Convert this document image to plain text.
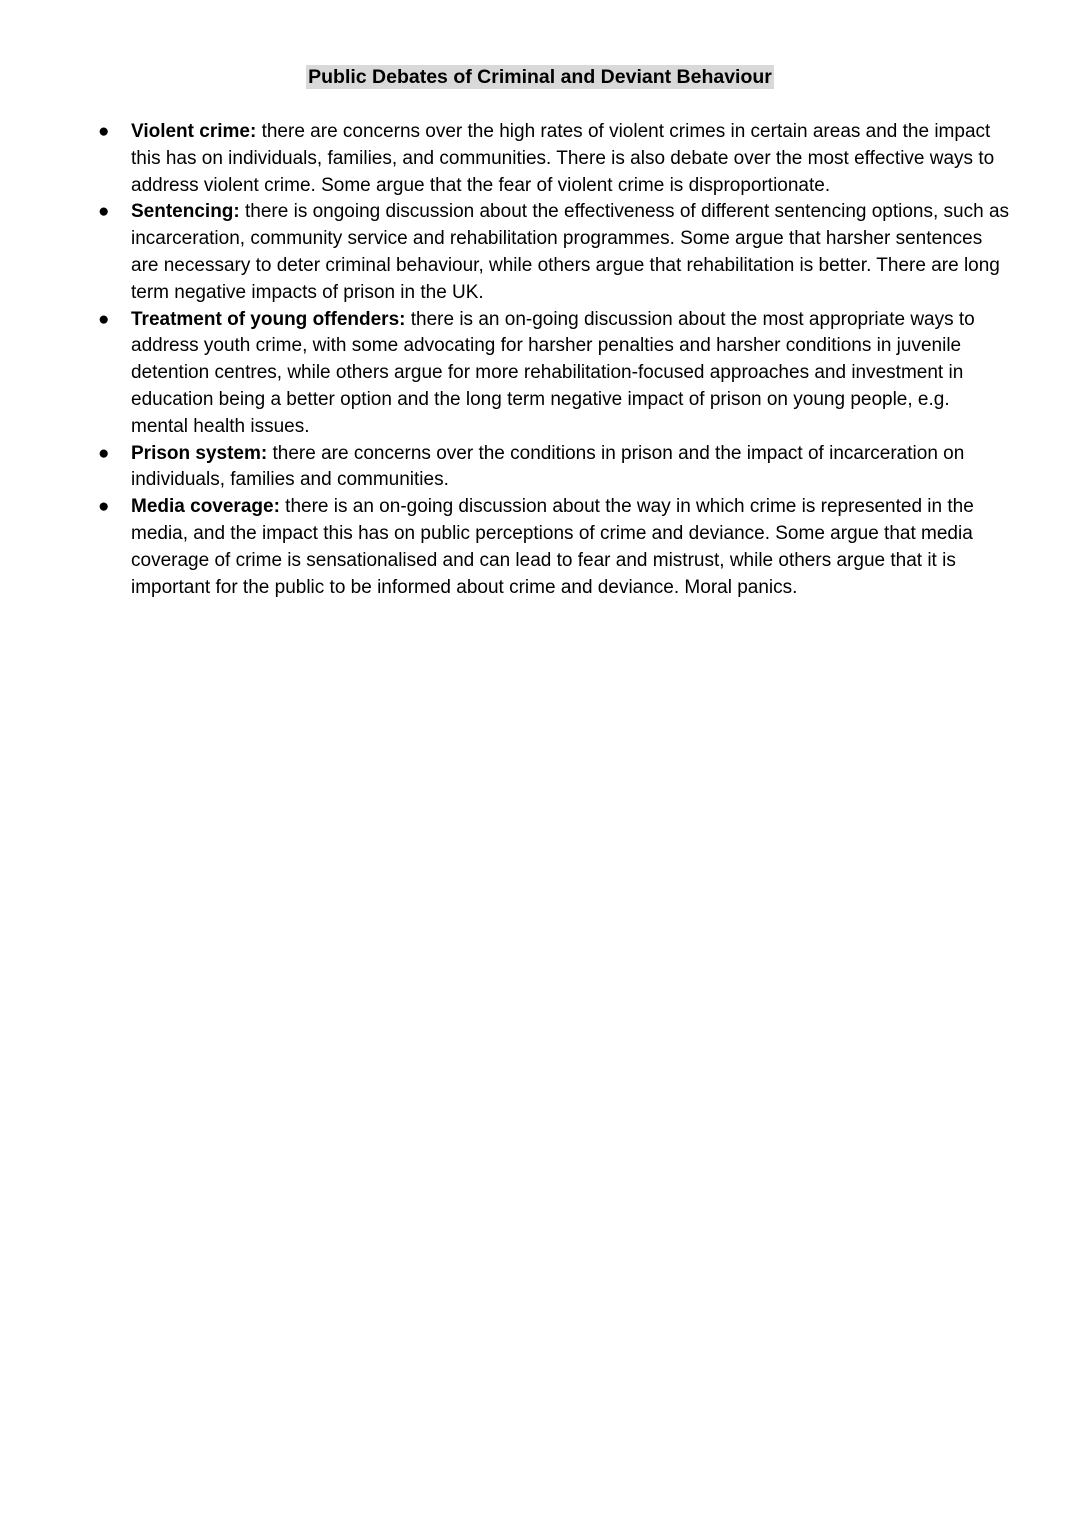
Public Debates of Criminal and Deviant Behaviour
● Violent crime: there are concerns over the high rates of violent crimes in certain areas and the impact this has on individuals, families, and communities. There is also debate over the most effective ways to address violent crime. Some argue that the fear of violent crime is disproportionate.
● Sentencing: there is ongoing discussion about the effectiveness of different sentencing options, such as incarceration, community service and rehabilitation programmes. Some argue that harsher sentences are necessary to deter criminal behaviour, while others argue that rehabilitation is better. There are long term negative impacts of prison in the UK.
● Treatment of young offenders: there is an on-going discussion about the most appropriate ways to address youth crime, with some advocating for harsher penalties and harsher conditions in juvenile detention centres, while others argue for more rehabilitation-focused approaches and investment in education being a better option and the long term negative impact of prison on young people, e.g. mental health issues.
● Prison system: there are concerns over the conditions in prison and the impact of incarceration on individuals, families and communities.
● Media coverage: there is an on-going discussion about the way in which crime is represented in the media, and the impact this has on public perceptions of crime and deviance. Some argue that media coverage of crime is sensationalised and can lead to fear and mistrust, while others argue that it is important for the public to be informed about crime and deviance. Moral panics.
